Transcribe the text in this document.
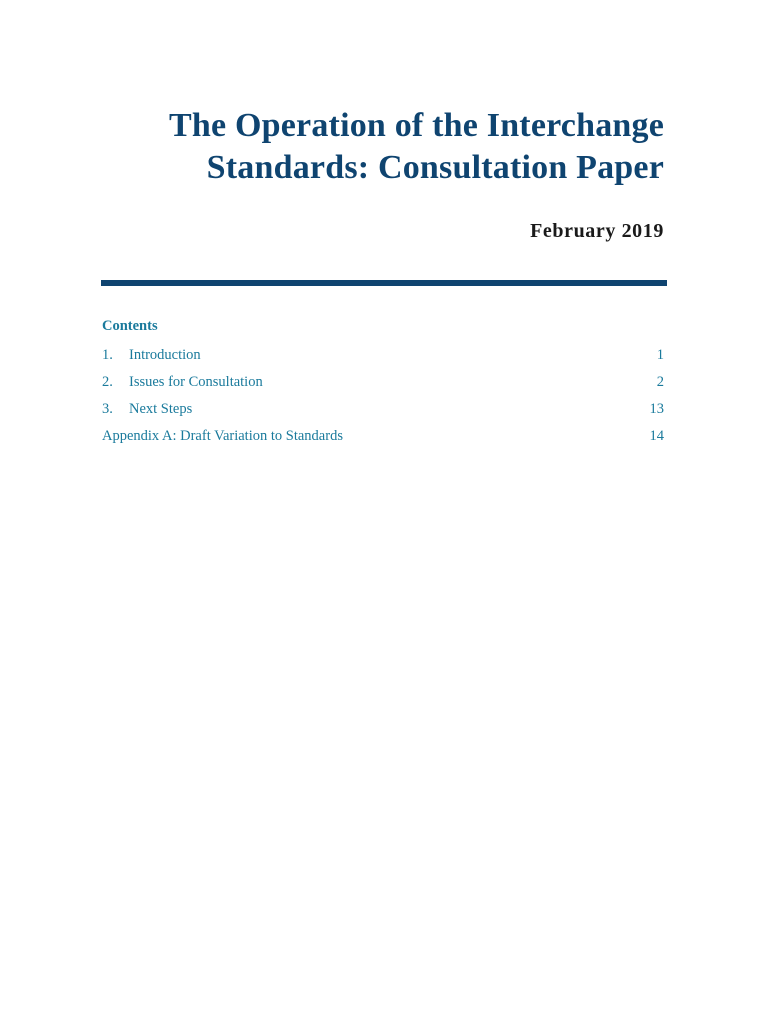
The Operation of the Interchange
Standards: Consultation Paper
February 2019
Contents
1. Introduction	1
2. Issues for Consultation	2
3. Next Steps	13
Appendix A: Draft Variation to Standards	14
